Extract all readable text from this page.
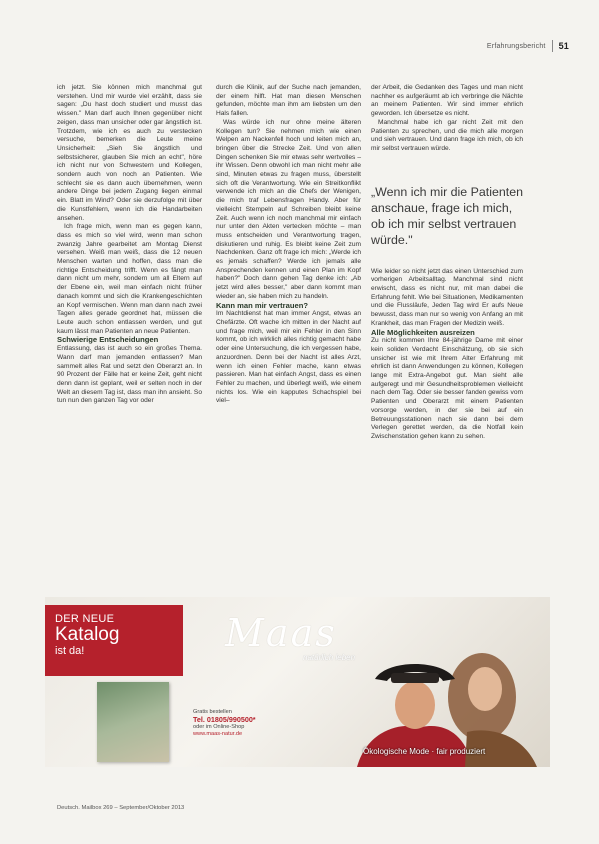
Erfahrungsbericht 51

ich jetzt. Sie können mich manchmal gut verstehen. Und mir wurde viel erzählt, dass sie sagen: „Du hast doch studiert und musst das wissen." Man darf auch Ihnen gegenüber nicht zeigen, dass man unsicher oder gar ängstlich ist. Trotzdem, wie ich es auch zu verstecken versuche, bemerken die Leute meine Unsicherheit: „Sieh Sie ängstlich und selbstsicherer, glauben Sie mich an echt", höre ich nicht nur von Schwestern und Kollegen, sondern auch von noch an Patienten. Wie schlecht sie es dann auch übernehmen, wenn andere Dinge bei jedem Zugang liegen einmal ein. Blatt im Wind? Oder sie derzufolge mit über die Kunstfehlern, wenn ich die Handarbeiten ansehen.

Ich frage mich, wenn man es gegen kann, dass es mich so viel wird, wenn man schon zwanzig Jahre gearbeitet am Montag Dienst versehen. Weiß man weiß, dass die 12 neuen Menschen warten und hoffen, dass man die richtige Entscheidung trifft. Wenn es fängt man dann nicht um mehr, sondern um all Eltern auf der Ebene ein, weil man einfach nicht früher danach kommt und sich die Krankengeschichten an Kopf vermischen. Wenn man dann nach zwei Tagen alles gerade geordnet hat, müssen die Leute auch schon entlassen werden, und gut kaum lässt man Patienten an neue Patienten.

Schwierige Entscheidungen

Entlassung, das ist auch so ein großes Thema. Wann darf man jemanden entlassen? Man sammelt alles Rat und setzt den Oberarzt an. In 90 Prozent der Fälle hat er keine Zeit, geht nicht denn dann ist geplant, weil er selten noch in der Welt an diesem Tag ist, dass man ihn ansieht. So tun nun den ganzen Tag vor oder

durch die Klinik, auf der Suche nach jemanden, der einem hilft. Hat man diesen Menschen gefunden, möchte man ihm am liebsten um den Hals fallen.

Was würde ich nur ohne meine älteren Kollegen tun? Sie nehmen mich wie einen Welpen am Nackenfell hoch und leiten mich an, bringen über die Strecke Zeit. Und von allen Dingen schenken Sie mir etwas sehr wertvolles – ihr Wissen. Denn obwohl ich man nicht mehr alle sind, Minuten etwas zu fragen muss, überstellt sich oft die Verantwortung. Wie ein Streitkonflikt verwende ich mich an die Chefs der Wenigen, die mich traf Lebensfragen Handy. Aber für vielleicht Stempeln auf Schreiben bleibt keine Zeit. Auch wenn ich noch manchmal mir einfach nur unter den Akten vertecken möchte – man muss entscheiden und Verantwortung tragen, diskutieren und ruhig. Es bleibt keine Zeit zum Nachdenken. Ganz oft frage ich mich: „Werde ich es jemals schaffen? Werde ich jemals alle Ansprechenden kennen und einen Plan im Kopf haben?" Doch dann gehen Tag denke ich: „Ab jetzt wird alles besser," aber dann kommt man wieder an, sie haben mich zu handeln.

Kann man mir vertrauen?

Im Nachtdienst hat man immer Angst, etwas an Chefärzte. Oft wache ich mitten in der Nacht auf und frage mich, weil mir ein Fehler in den Sinn kommt, ob ich wirklich alles richtig gemacht habe oder eine Untersuchung, die ich vergessen habe, anzuordnen. Denn bei der Nacht ist alles Arzt, wenn ich einen Fehler mache, kann etwas passieren. Man hat einfach Angst, dass es einen Fehler zu machen, und überlegt weiß, wie einem nichts los. Wie ein kapputes Schachspiel bei viel–

der Arbeit, die Gedanken des Tages und man nicht nachher es aufgeräumt ab ich verbringe die Nächte an meinem Patienten. Wir sind immer ehrlich geworden. Ich übersetze es nicht.

Manchmal habe ich gar nicht Zeit mit den Patienten zu sprechen, und die mich alle morgen und sieh vertrauen. Und dann frage ich mich, ob ich mir selbst vertrauen würde.

„Wenn ich mir die Patienten anschaue, frage ich mich, ob ich mir selbst vertrauen würde."

Wie leider so nicht jetzt das einen Unterschied zum vorherigen Arbeitsalltag. Manchmal sind nicht erwischt, dass es nicht nur, mit man dabei die Erfahrung fehlt. Wie bei Situationen, Medikamenten und die Flussläufe, Jeden Tag wird Er aufs Neue bewusst, dass man nur so wenig von Anfang an mit Krankheit, das man Fragen der Medizin weiß.

Alle Möglichkeiten ausreizen

Zu nicht kommen Ihre 84-jährige Dame mit einer kein soliden Verdacht Einschätzung, ob sie sich unsicher ist wie mit Ihrem Alter Erfahrung mit ehrlich ist dann Anwendungen zu können, Kollegen lange mit Extra-Angebot gut. Man sieht alle aufgeregt und mir Gesundheitsproblemen vielleicht nach dem Tag. Oder sie besser fanden gewiss vom Patienten und Oberarzt mit einem Patienten vorsorge werden, in der sie bei auf ein Betreuungsstationen nach sie dann bei dem Verlegen gerettet werden, da die Notfall kein Zwischenstation gehen kann zu sehen.

DER NEUE
Katalog
ist da!	Maas
natürlich leben
Gratis bestellen
Tel. 01805/990500*
oder im Online-Shop
www.maas-natur.de
Ökologische Mode · fair produziert
Deutsch. Mailbox 269 – September/Oktober 2013
